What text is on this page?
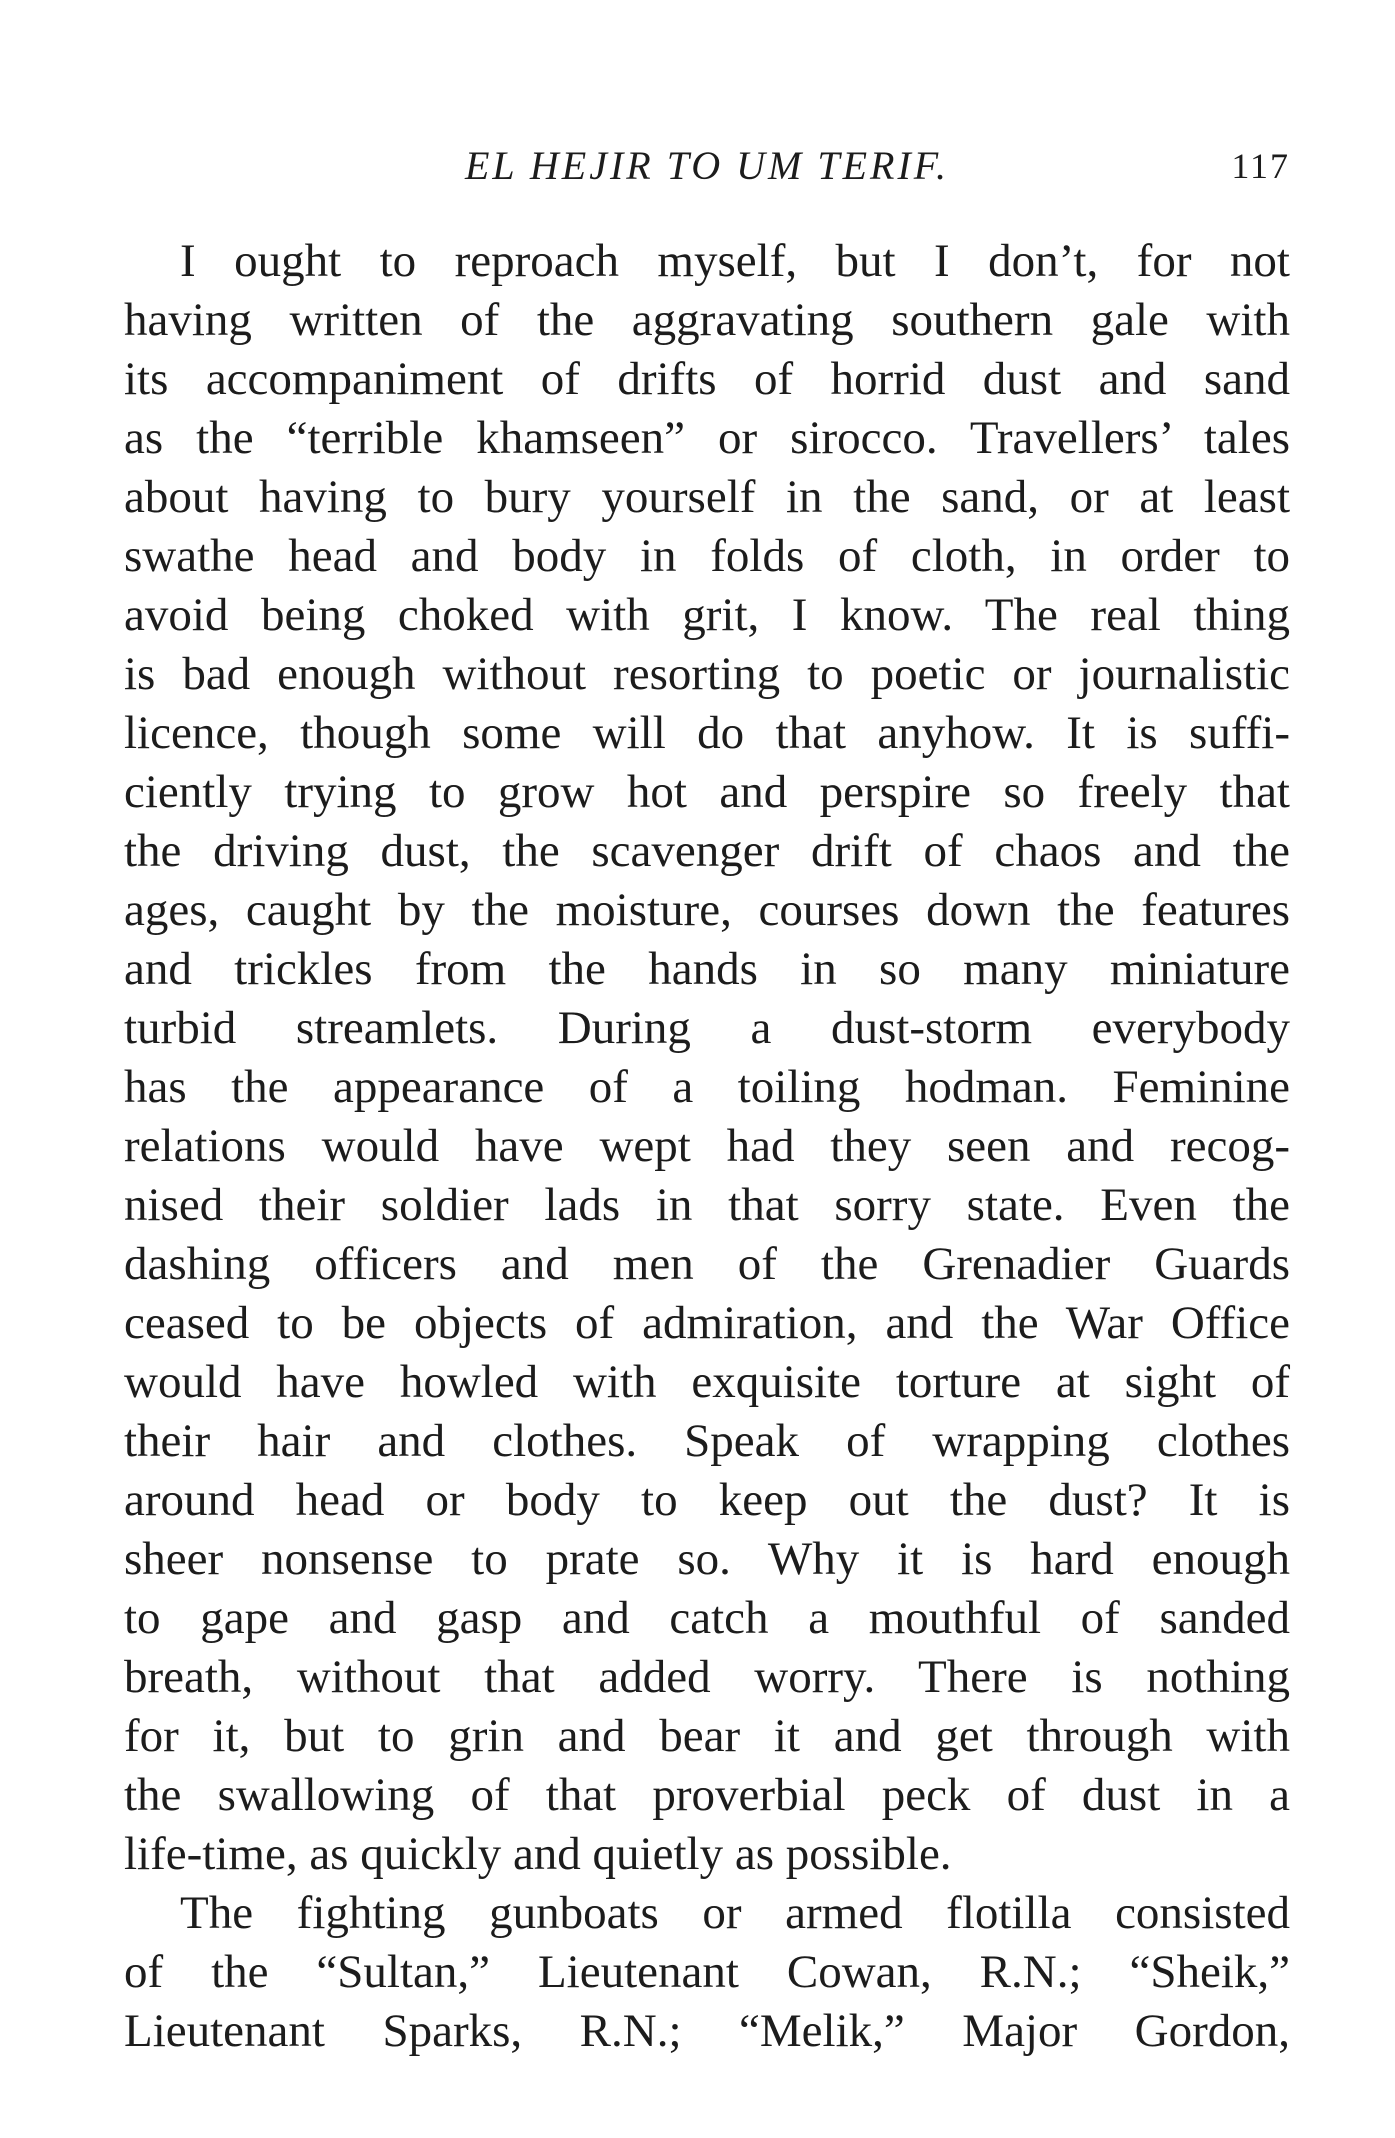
EL HEJIR TO UM TERIF.	117
I ought to reproach myself, but I don’t, for not
having written of the aggravating southern gale with
its accompaniment of drifts of horrid dust and sand
as the “terrible khamseen” or sirocco. Travellers’ tales
about having to bury yourself in the sand, or at least
swathe head and body in folds of cloth, in order to
avoid being choked with grit, I know. The real thing
is bad enough without resorting to poetic or journalistic
licence, though some will do that anyhow. It is suffi-
ciently trying to grow hot and perspire so freely that
the driving dust, the scavenger drift of chaos and the
ages, caught by the moisture, courses down the features
and trickles from the hands in so many miniature
turbid streamlets. During a dust-storm everybody
has the appearance of a toiling hodman. Feminine
relations would have wept had they seen and recog-
nised their soldier lads in that sorry state. Even the
dashing officers and men of the Grenadier Guards
ceased to be objects of admiration, and the War Office
would have howled with exquisite torture at sight of
their hair and clothes. Speak of wrapping clothes
around head or body to keep out the dust? It is
sheer nonsense to prate so. Why it is hard enough
to gape and gasp and catch a mouthful of sanded
breath, without that added worry. There is nothing
for it, but to grin and bear it and get through with
the swallowing of that proverbial peck of dust in a
life-time, as quickly and quietly as possible.
The fighting gunboats or armed flotilla consisted
of the “Sultan,” Lieutenant Cowan, R.N.; “Sheik,”
Lieutenant Sparks, R.N.; “Melik,” Major Gordon,
